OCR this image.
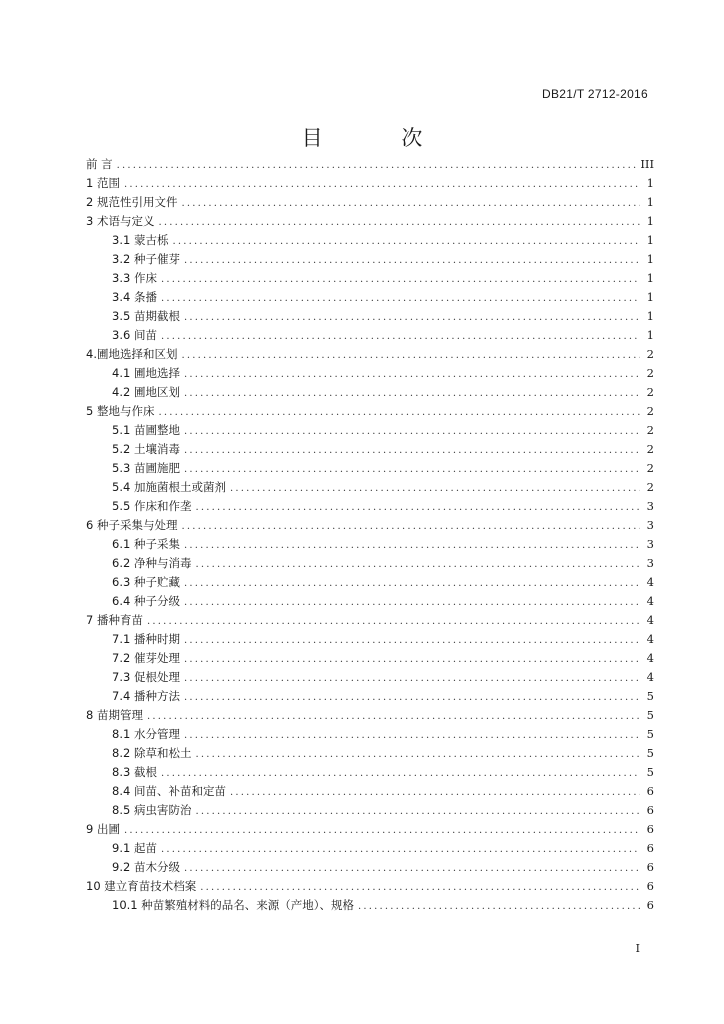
DB21/T 2712-2016
目 次
前 言 .....	III
1 范围 .....	1
2 规范性引用文件 .....	1
3 术语与定义 .....	1
3.1 蒙古栎 .....	1
3.2 种子催芽 .....	1
3.3 作床 .....	1
3.4 条播 .....	1
3.5 苗期截根 .....	1
3.6 间苗 .....	1
4.圃地选择和区划 .....	2
4.1 圃地选择 .....	2
4.2 圃地区划 .....	2
5 整地与作床 .....	2
5.1 苗圃整地 .....	2
5.2 土壤消毒 .....	2
5.3 苗圃施肥 .....	2
5.4 加施菌根土或菌剂 .....	2
5.5 作床和作垄 .....	3
6 种子采集与处理 .....	3
6.1 种子采集 .....	3
6.2 净种与消毒 .....	3
6.3 种子贮藏 .....	4
6.4 种子分级 .....	4
7 播种育苗 .....	4
7.1 播种时期 .....	4
7.2 催芽处理 .....	4
7.3 促根处理 .....	4
7.4 播种方法 .....	5
8 苗期管理 .....	5
8.1 水分管理 .....	5
8.2 除草和松土 .....	5
8.3 截根 .....	5
8.4 间苗、补苗和定苗 .....	6
8.5 病虫害防治 .....	6
9 出圃 .....	6
9.1 起苗 .....	6
9.2 苗木分级 .....	6
10 建立育苗技术档案 .....	6
10.1 种苗繁殖材料的品名、来源（产地）、规格 .....	6
I
